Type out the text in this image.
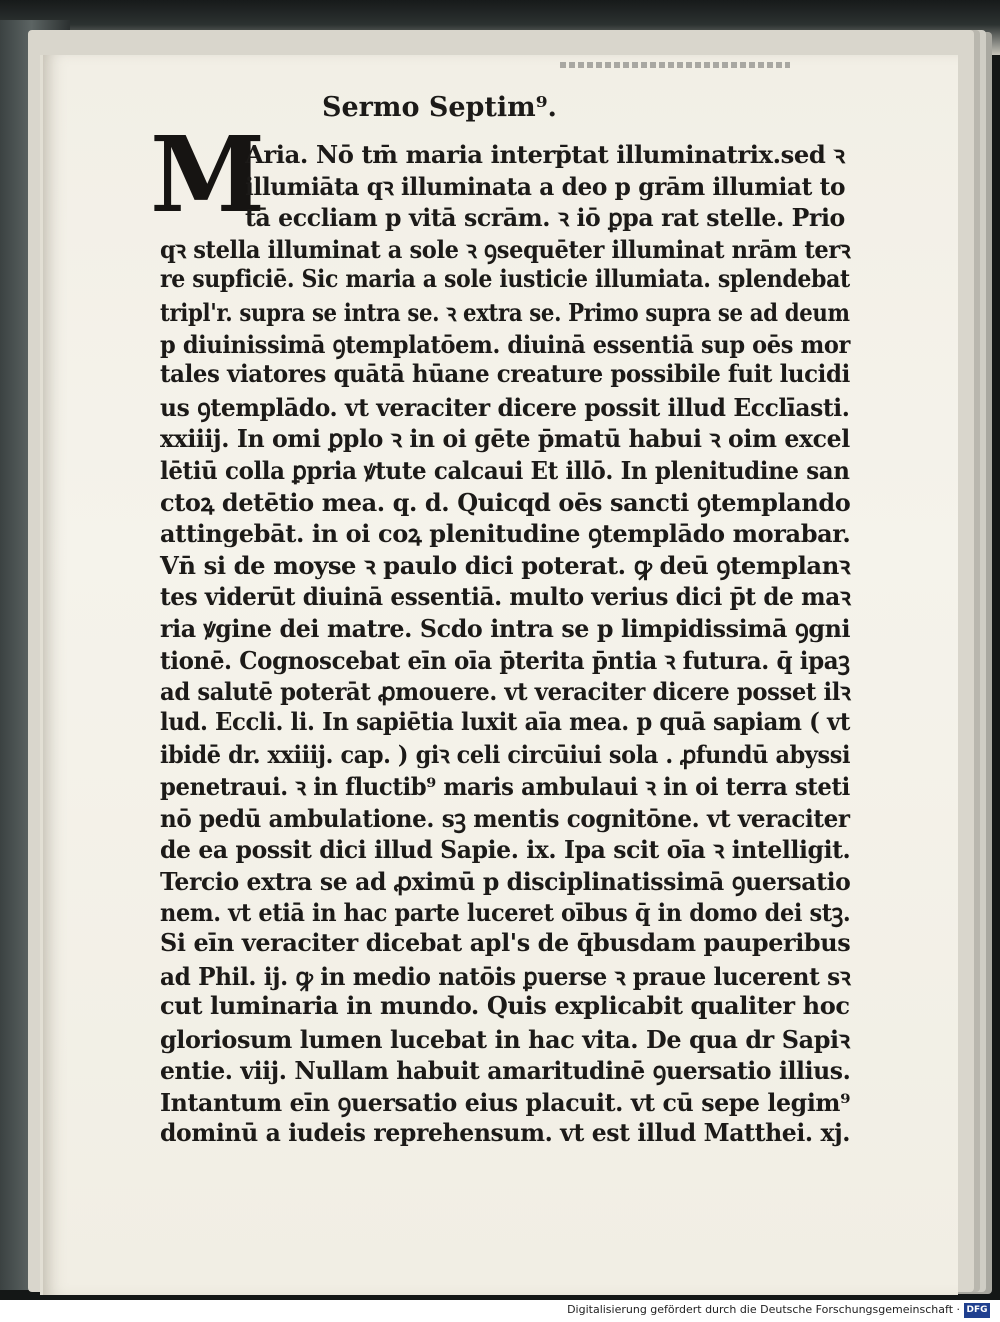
Sermo Septim⁹.
M
Aria. Nō tm̄ maria interp̄tat illuminatrix.sed ꝛ
illumiāta qꝛ illuminata a deo p grām illumiat to
tā eccliam p vitā scrām. ꝛ iō ꝑpa rat stelle. Prio
qꝛ stella illuminat a sole ꝛ ꝯsequēter illuminat nrām terꝛ
re supficiē. Sic maria a sole iusticie illumiata. splendebat
tripl'r. supra se intra se. ꝛ extra se. Primo supra se ad deum
p diuinissimā ꝯtemplatōem. diuinā essentiā sup oēs mor
tales viatores quātā hūane creature possibile fuit lucidi
us ꝯtemplādo. vt veraciter dicere possit illud Ecclīasti.
xxiiij. In omi ꝑplo ꝛ in oi gēte p̄matū habui ꝛ oim excel
lētiū colla ꝑpria ꝟtute calcaui Et illō. In plenitudine san
ctoꝝ detētio mea. q. d. Quicqd oēs sancti ꝯtemplando
attingebāt. in oi coꝝ plenitudine ꝯtemplādo morabar.
Vn̄ si de moyse ꝛ paulo dici poterat. ꝙ deū ꝯtemplanꝛ
tes viderūt diuinā essentiā. multo verius dici p̄t de maꝛ
ria ꝟgine dei matre. Scdo intra se p limpidissimā ꝯgni
tionē. Cognoscebat eīn oīa p̄terita p̄ntia ꝛ futura. q̄ ipaꝫ
ad salutē poterāt ꝓmouere. vt veraciter dicere posset ilꝛ
lud. Eccli. li. In sapiētia luxit aīa mea. p quā sapiam ( vt
ibidē dr. xxiiij. cap. ) giꝛ celi circūiui sola . ꝓfundū abyssi
penetraui. ꝛ in fluctib⁹ maris ambulaui ꝛ in oi terra steti
nō pedū ambulatione. sꝫ mentis cognitōne. vt veraciter
de ea possit dici illud Sapie. ix. Ipa scit oīa ꝛ intelligit.
Tercio extra se ad ꝓximū p disciplinatissimā ꝯuersatio
nem. vt etiā in hac parte luceret oībus q̄ in domo dei stꝫ.
Si eīn veraciter dicebat apl's de q̄busdam pauperibus
ad Phil. ij. ꝙ in medio natōis ꝑuerse ꝛ praue lucerent sꝛ
cut luminaria in mundo. Quis explicabit qualiter hoc
gloriosum lumen lucebat in hac vita. De qua dr Sapiꝛ
entie. viij. Nullam habuit amaritudinē ꝯuersatio illius.
Intantum eīn ꝯuersatio eius placuit. vt cū sepe legim⁹
dominū a iudeis reprehensum. vt est illud Matthei. xj.
Digitalisierung gefördert durch die Deutsche Forschungsgemeinschaft · DFG
